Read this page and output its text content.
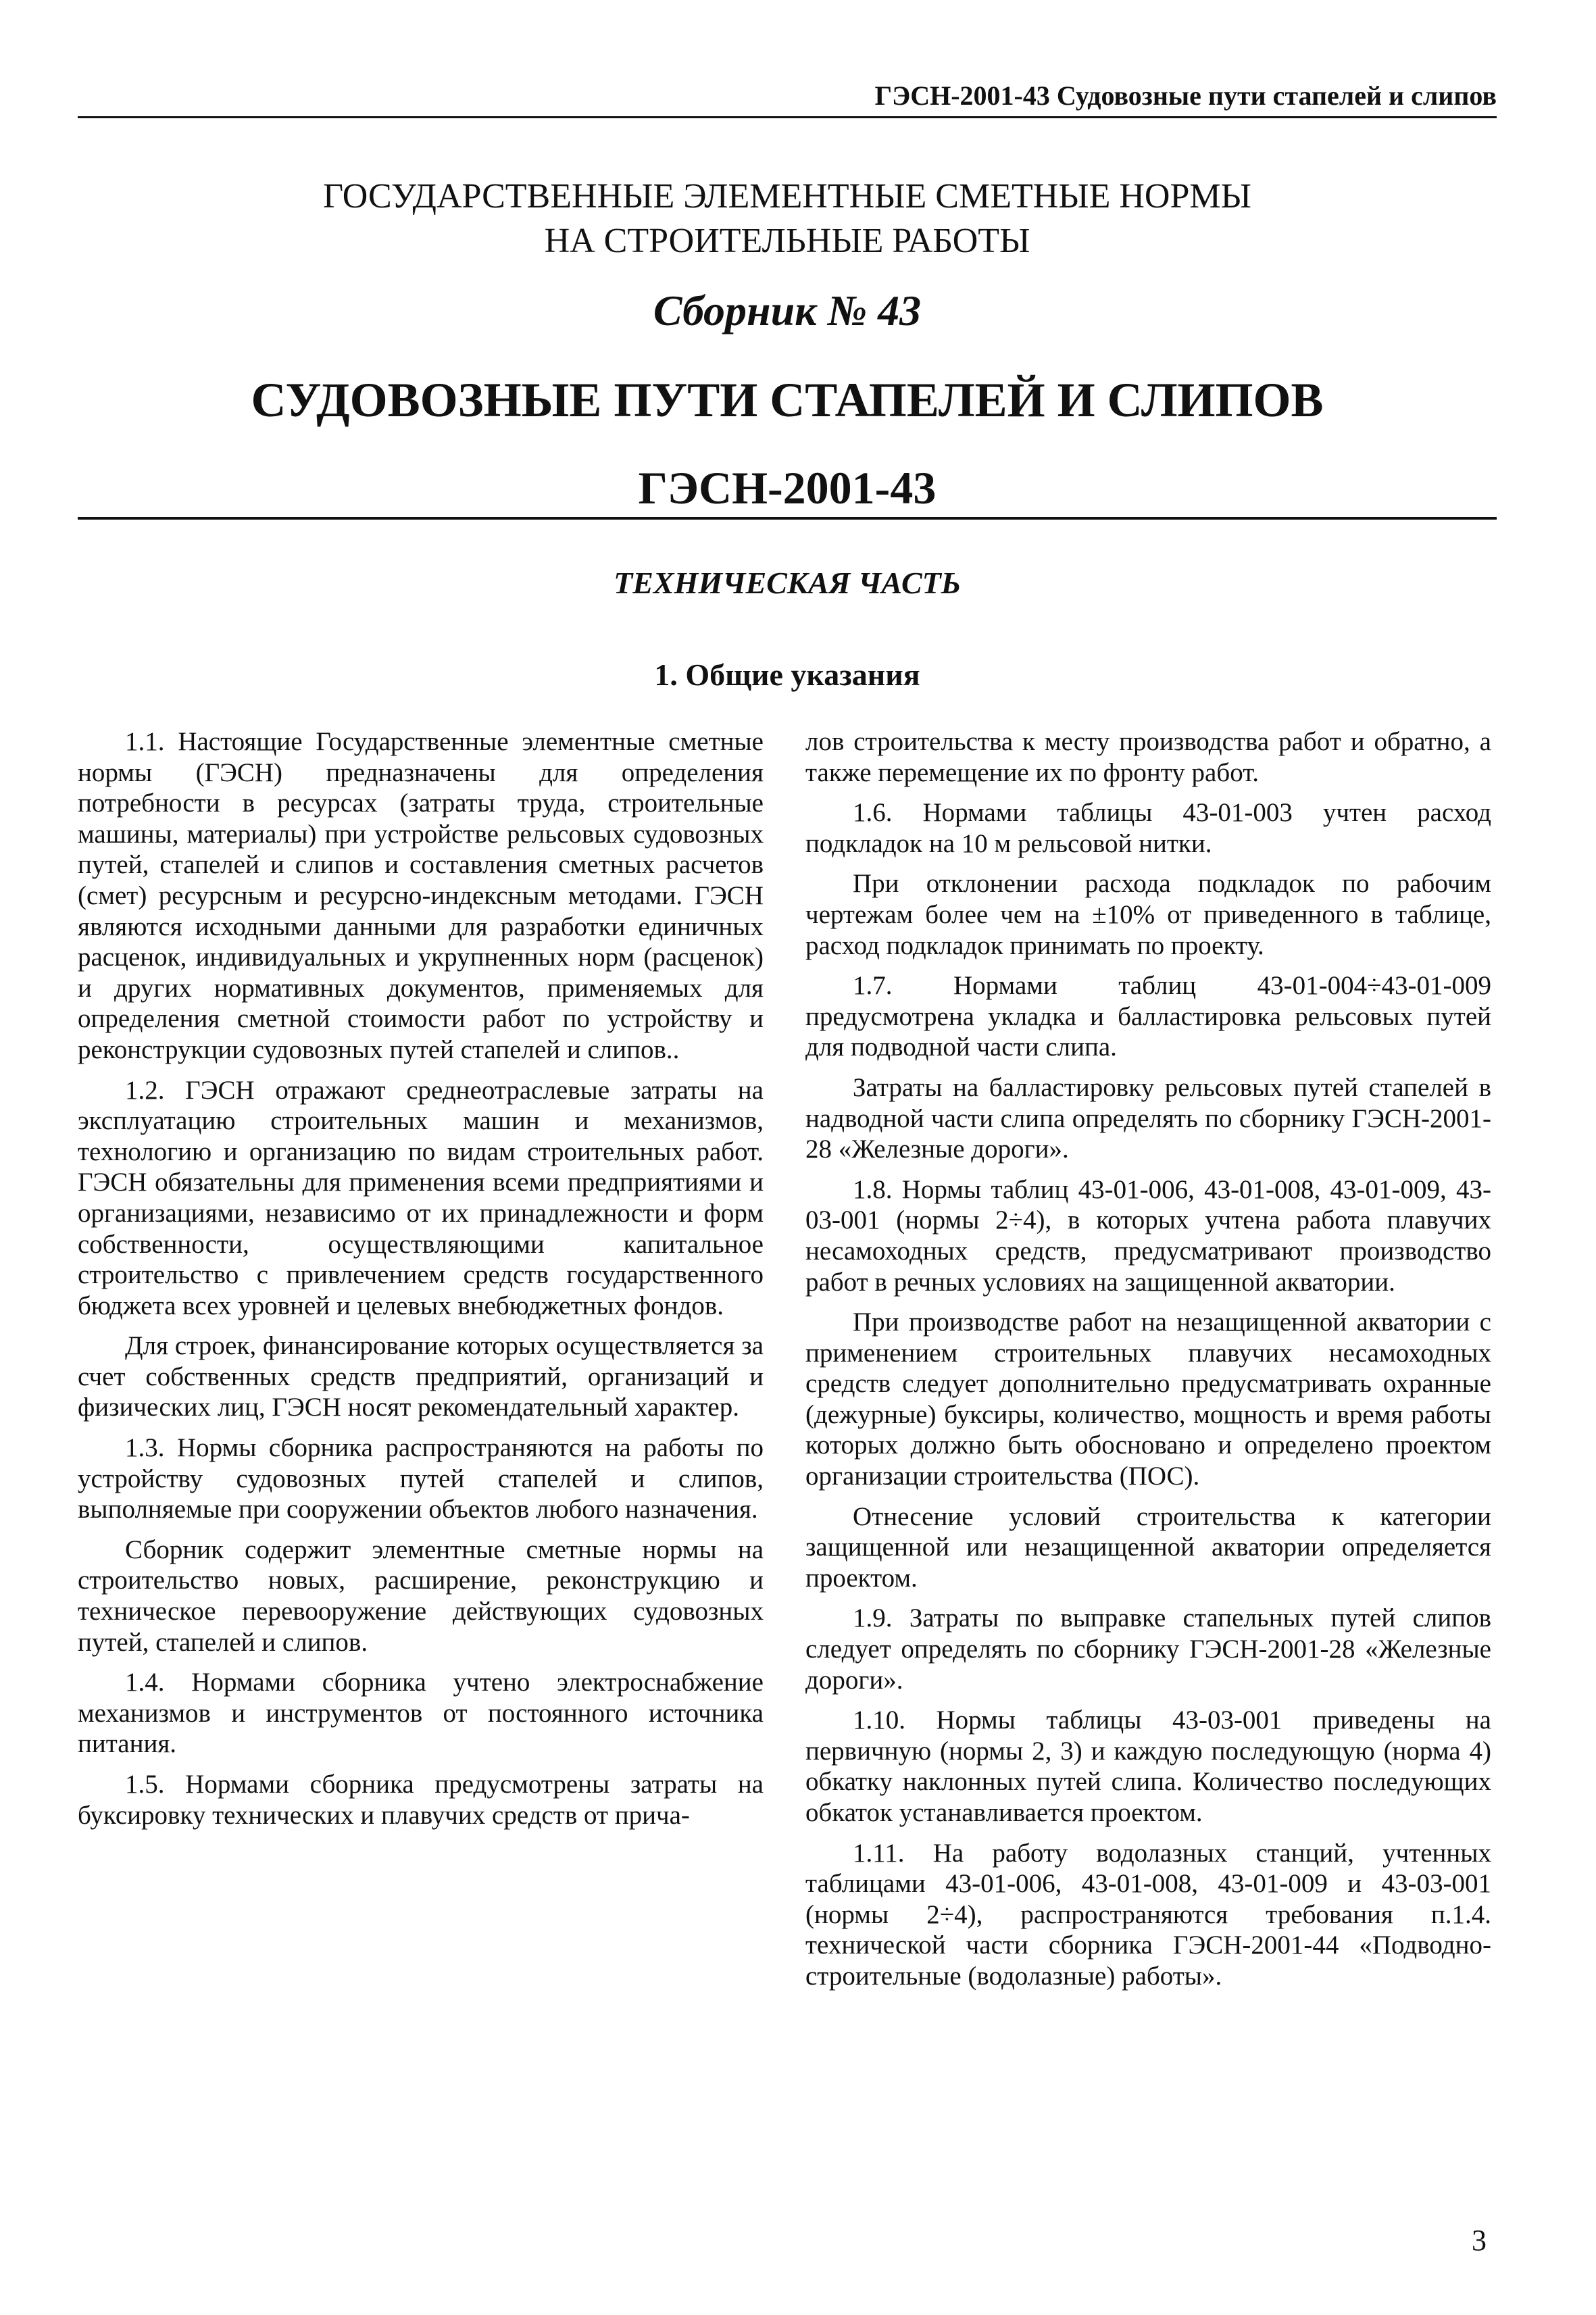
ГЭСН-2001-43 Судовозные пути стапелей и слипов
ГОСУДАРСТВЕННЫЕ ЭЛЕМЕНТНЫЕ СМЕТНЫЕ НОРМЫ
НА СТРОИТЕЛЬНЫЕ РАБОТЫ
Сборник № 43
СУДОВОЗНЫЕ ПУТИ СТАПЕЛЕЙ И СЛИПОВ
ГЭСН-2001-43
ТЕХНИЧЕСКАЯ ЧАСТЬ
1. Общие указания

1.1. Настоящие Государственные элементные сметные нормы (ГЭСН) предназначены для определения потребности в ресурсах (затраты труда, строительные машины, материалы) при устройстве рельсовых судовозных путей, стапелей и слипов и составления сметных расчетов (смет) ресурсным и ресурсно-индексным методами. ГЭСН являются исходными данными для разработки единичных расценок, индивидуальных и укрупненных норм (расценок) и других нормативных документов, применяемых для определения сметной стоимости работ по устройству и реконструкции судовозных путей стапелей и слипов..

1.2. ГЭСН отражают среднеотраслевые затраты на эксплуатацию строительных машин и механизмов, технологию и организацию по видам строительных работ. ГЭСН обязательны для применения всеми предприятиями и организациями, независимо от их принадлежности и форм собственности, осуществляющими капитальное строительство с привлечением средств государственного бюджета всех уровней и целевых внебюджетных фондов.

Для строек, финансирование которых осуществляется за счет собственных средств предприятий, организаций и физических лиц, ГЭСН носят рекомендательный характер.

1.3. Нормы сборника распространяются на работы по устройству судовозных путей стапелей и слипов, выполняемые при сооружении объектов любого назначения.

Сборник содержит элементные сметные нормы на строительство новых, расширение, реконструкцию и техническое перевооружение действующих судовозных путей, стапелей и слипов.

1.4. Нормами сборника учтено электроснабжение механизмов и инструментов от постоянного источника питания.

1.5. Нормами сборника предусмотрены затраты на буксировку технических и плавучих средств от прича-

лов строительства к месту производства работ и обратно, а также перемещение их по фронту работ.

1.6. Нормами таблицы 43-01-003 учтен расход подкладок на 10 м рельсовой нитки.

При отклонении расхода подкладок по рабочим чертежам более чем на ±10% от приведенного в таблице, расход подкладок принимать по проекту.

1.7. Нормами таблиц 43-01-004÷43-01-009 предусмотрена укладка и балластировка рельсовых путей для подводной части слипа.

Затраты на балластировку рельсовых путей стапелей в надводной части слипа определять по сборнику ГЭСН-2001-28 «Железные дороги».

1.8. Нормы таблиц 43-01-006, 43-01-008, 43-01-009, 43-03-001 (нормы 2÷4), в которых учтена работа плавучих несамоходных средств, предусматривают производство работ в речных условиях на защищенной акватории.

При производстве работ на незащищенной акватории с применением строительных плавучих несамоходных средств следует дополнительно предусматривать охранные (дежурные) буксиры, количество, мощность и время работы которых должно быть обосновано и определено проектом организации строительства (ПОС).

Отнесение условий строительства к категории защищенной или незащищенной акватории определяется проектом.

1.9. Затраты по выправке стапельных путей слипов следует определять по сборнику ГЭСН-2001-28 «Железные дороги».

1.10. Нормы таблицы 43-03-001 приведены на первичную (нормы 2, 3) и каждую последующую (норма 4) обкатку наклонных путей слипа. Количество последующих обкаток устанавливается проектом.

1.11. На работу водолазных станций, учтенных таблицами 43-01-006, 43-01-008, 43-01-009 и 43-03-001 (нормы 2÷4), распространяются требования п.1.4. технической части сборника ГЭСН-2001-44 «Подводно-строительные (водолазные) работы».

3
